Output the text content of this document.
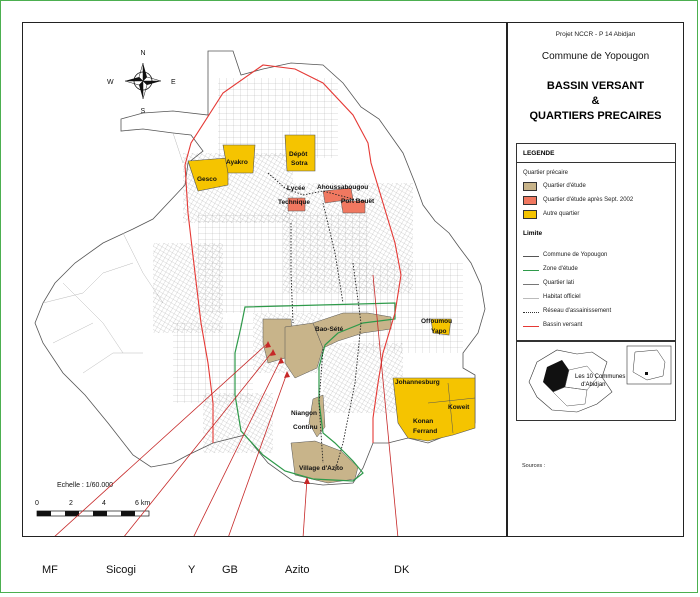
Gesco
Ayakro
Dépôt
Sotra
Lycée
Technique
Ahoussabougou
Port Bouët
Bao-Sété
Offoumou
Yapo
Johannesburg
Koweit
Konan
Ferrand
Niangon
Continu
Village d'Azito
N
S
E
W
Echelle : 1/60.000
0	2	4	6 km
Projet NCCR - P 14 Abidjan
Commune de Yopougon
BASSIN VERSANT
&
QUARTIERS PRECAIRES
LEGENDE
Quartier précaire
Quartier d'étude
Quartier d'étude après Sept. 2002
Autre quartier
Limite
Commune de Yopougon
Zone d'étude
Quartier lati
Habitat officiel
Réseau d'assainissement
Bassin versant
Les 10 Communes
d'Abidjan
Sources :
MF	Sicogi	Y GB	Azito	DK
